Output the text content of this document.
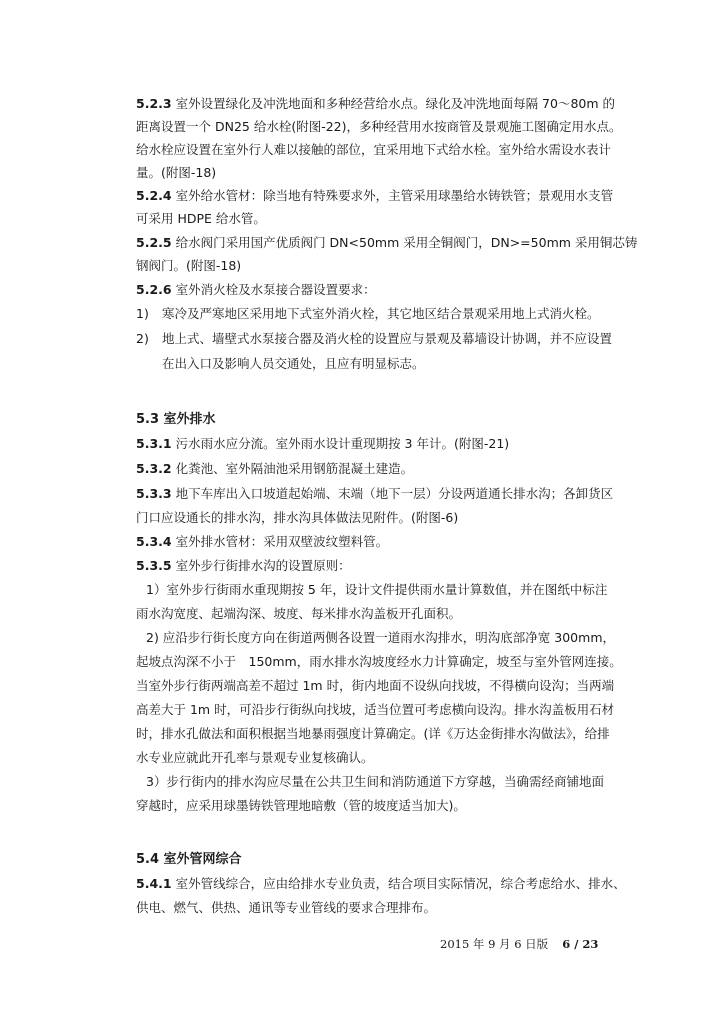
5.2.3 室外设置绿化及冲洗地面和多种经营给水点。绿化及冲洗地面每隔 70～80m 的

距离设置一个 DN25 给水栓(附图-22)，多种经营用水按商管及景观施工图确定用水点。

给水栓应设置在室外行人难以接触的部位，宜采用地下式给水栓。室外给水需设水表计

量。(附图-18)

5.2.4 室外给水管材：除当地有特殊要求外，主管采用球墨给水铸铁管；景观用水支管

可采用 HDPE 给水管。

5.2.5 给水阀门采用国产优质阀门 DN<50mm 采用全铜阀门，DN>=50mm 采用铜芯铸

钢阀门。(附图-18)

5.2.6 室外消火栓及水泵接合器设置要求：

1) 寒冷及严寒地区采用地下式室外消火栓，其它地区结合景观采用地上式消火栓。

2) 地上式、墙壁式水泵接合器及消火栓的设置应与景观及幕墙设计协调，并不应设置

在出入口及影响人员交通处，且应有明显标志。

5.3 室外排水

5.3.1 污水雨水应分流。室外雨水设计重现期按 3 年计。(附图-21)

5.3.2 化粪池、室外隔油池采用钢筋混凝土建造。

5.3.3 地下车库出入口坡道起始端、末端（地下一层）分设两道通长排水沟；各卸货区

门口应设通长的排水沟，排水沟具体做法见附件。(附图-6)

5.3.4 室外排水管材：采用双壁波纹塑料管。

5.3.5 室外步行街排水沟的设置原则：

1）室外步行街雨水重现期按 5 年，设计文件提供雨水量计算数值，并在图纸中标注

雨水沟宽度、起端沟深、坡度、每米排水沟盖板开孔面积。

2) 应沿步行街长度方向在街道两侧各设置一道雨水沟排水，明沟底部净宽 300mm，

起坡点沟深不小于　150mm，雨水排水沟坡度经水力计算确定，坡至与室外管网连接。

当室外步行街两端高差不超过 1m 时，街内地面不设纵向找坡，不得横向设沟；当两端

高差大于 1m 时，可沿步行街纵向找坡，适当位置可考虑横向设沟。排水沟盖板用石材

时，排水孔做法和面积根据当地暴雨强度计算确定。(详《万达金街排水沟做法》，给排

水专业应就此开孔率与景观专业复核确认。

3）步行街内的排水沟应尽量在公共卫生间和消防通道下方穿越，当确需经商铺地面

穿越时，应采用球墨铸铁管理地暗敷（管的坡度适当加大)。

5.4 室外管网综合

5.4.1 室外管线综合，应由给排水专业负责，结合项目实际情况，综合考虑给水、排水、

供电、燃气、供热、通讯等专业管线的要求合理排布。

2015 年 9 月 6 日版 6 / 23
